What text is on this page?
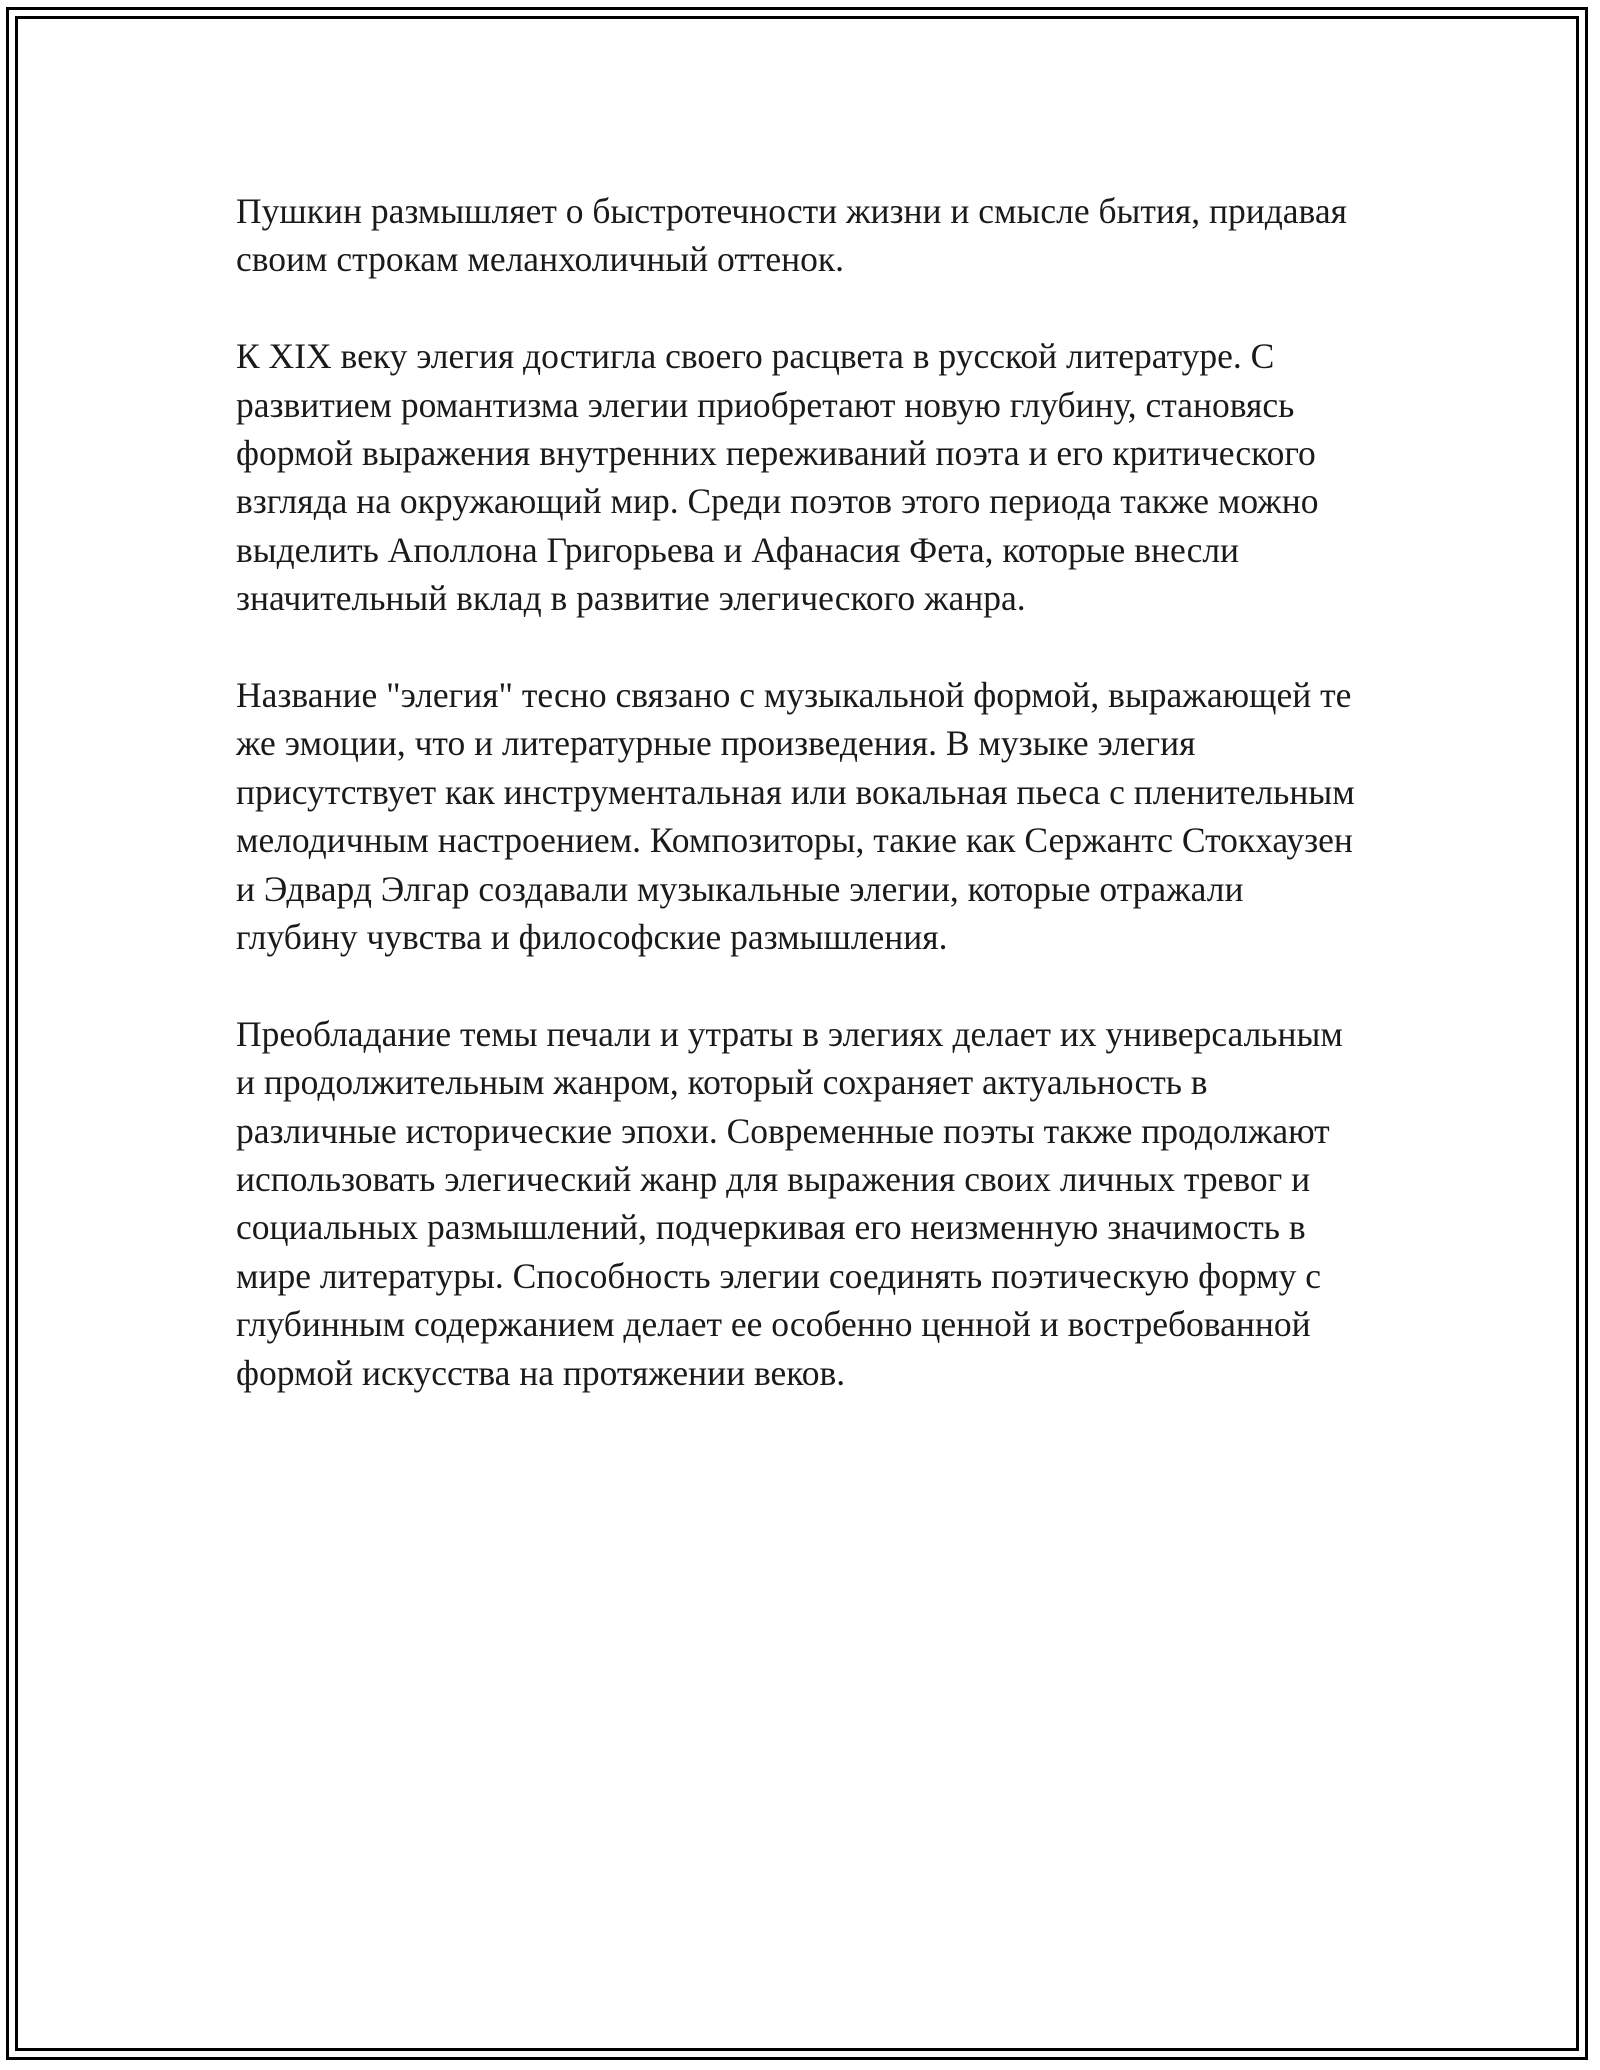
Пушкин размышляет о быстротечности жизни и смысле бытия, придавая своим строкам меланхоличный оттенок.

К XIX веку элегия достигла своего расцвета в русской литературе. С развитием романтизма элегии приобретают новую глубину, становясь формой выражения внутренних переживаний поэта и его критического взгляда на окружающий мир. Среди поэтов этого периода также можно выделить Аполлона Григорьева и Афанасия Фета, которые внесли значительный вклад в развитие элегического жанра.

Название "элегия" тесно связано с музыкальной формой, выражающей те же эмоции, что и литературные произведения. В музыке элегия присутствует как инструментальная или вокальная пьеса с пленительным мелодичным настроением. Композиторы, такие как Сержантс Стокхаузен и Эдвард Элгар создавали музыкальные элегии, которые отражали глубину чувства и философские размышления.

Преобладание темы печали и утраты в элегиях делает их универсальным и продолжительным жанром, который сохраняет актуальность в различные исторические эпохи. Современные поэты также продолжают использовать элегический жанр для выражения своих личных тревог и социальных размышлений, подчеркивая его неизменную значимость в мире литературы. Способность элегии соединять поэтическую форму с глубинным содержанием делает ее особенно ценной и востребованной формой искусства на протяжении веков.
